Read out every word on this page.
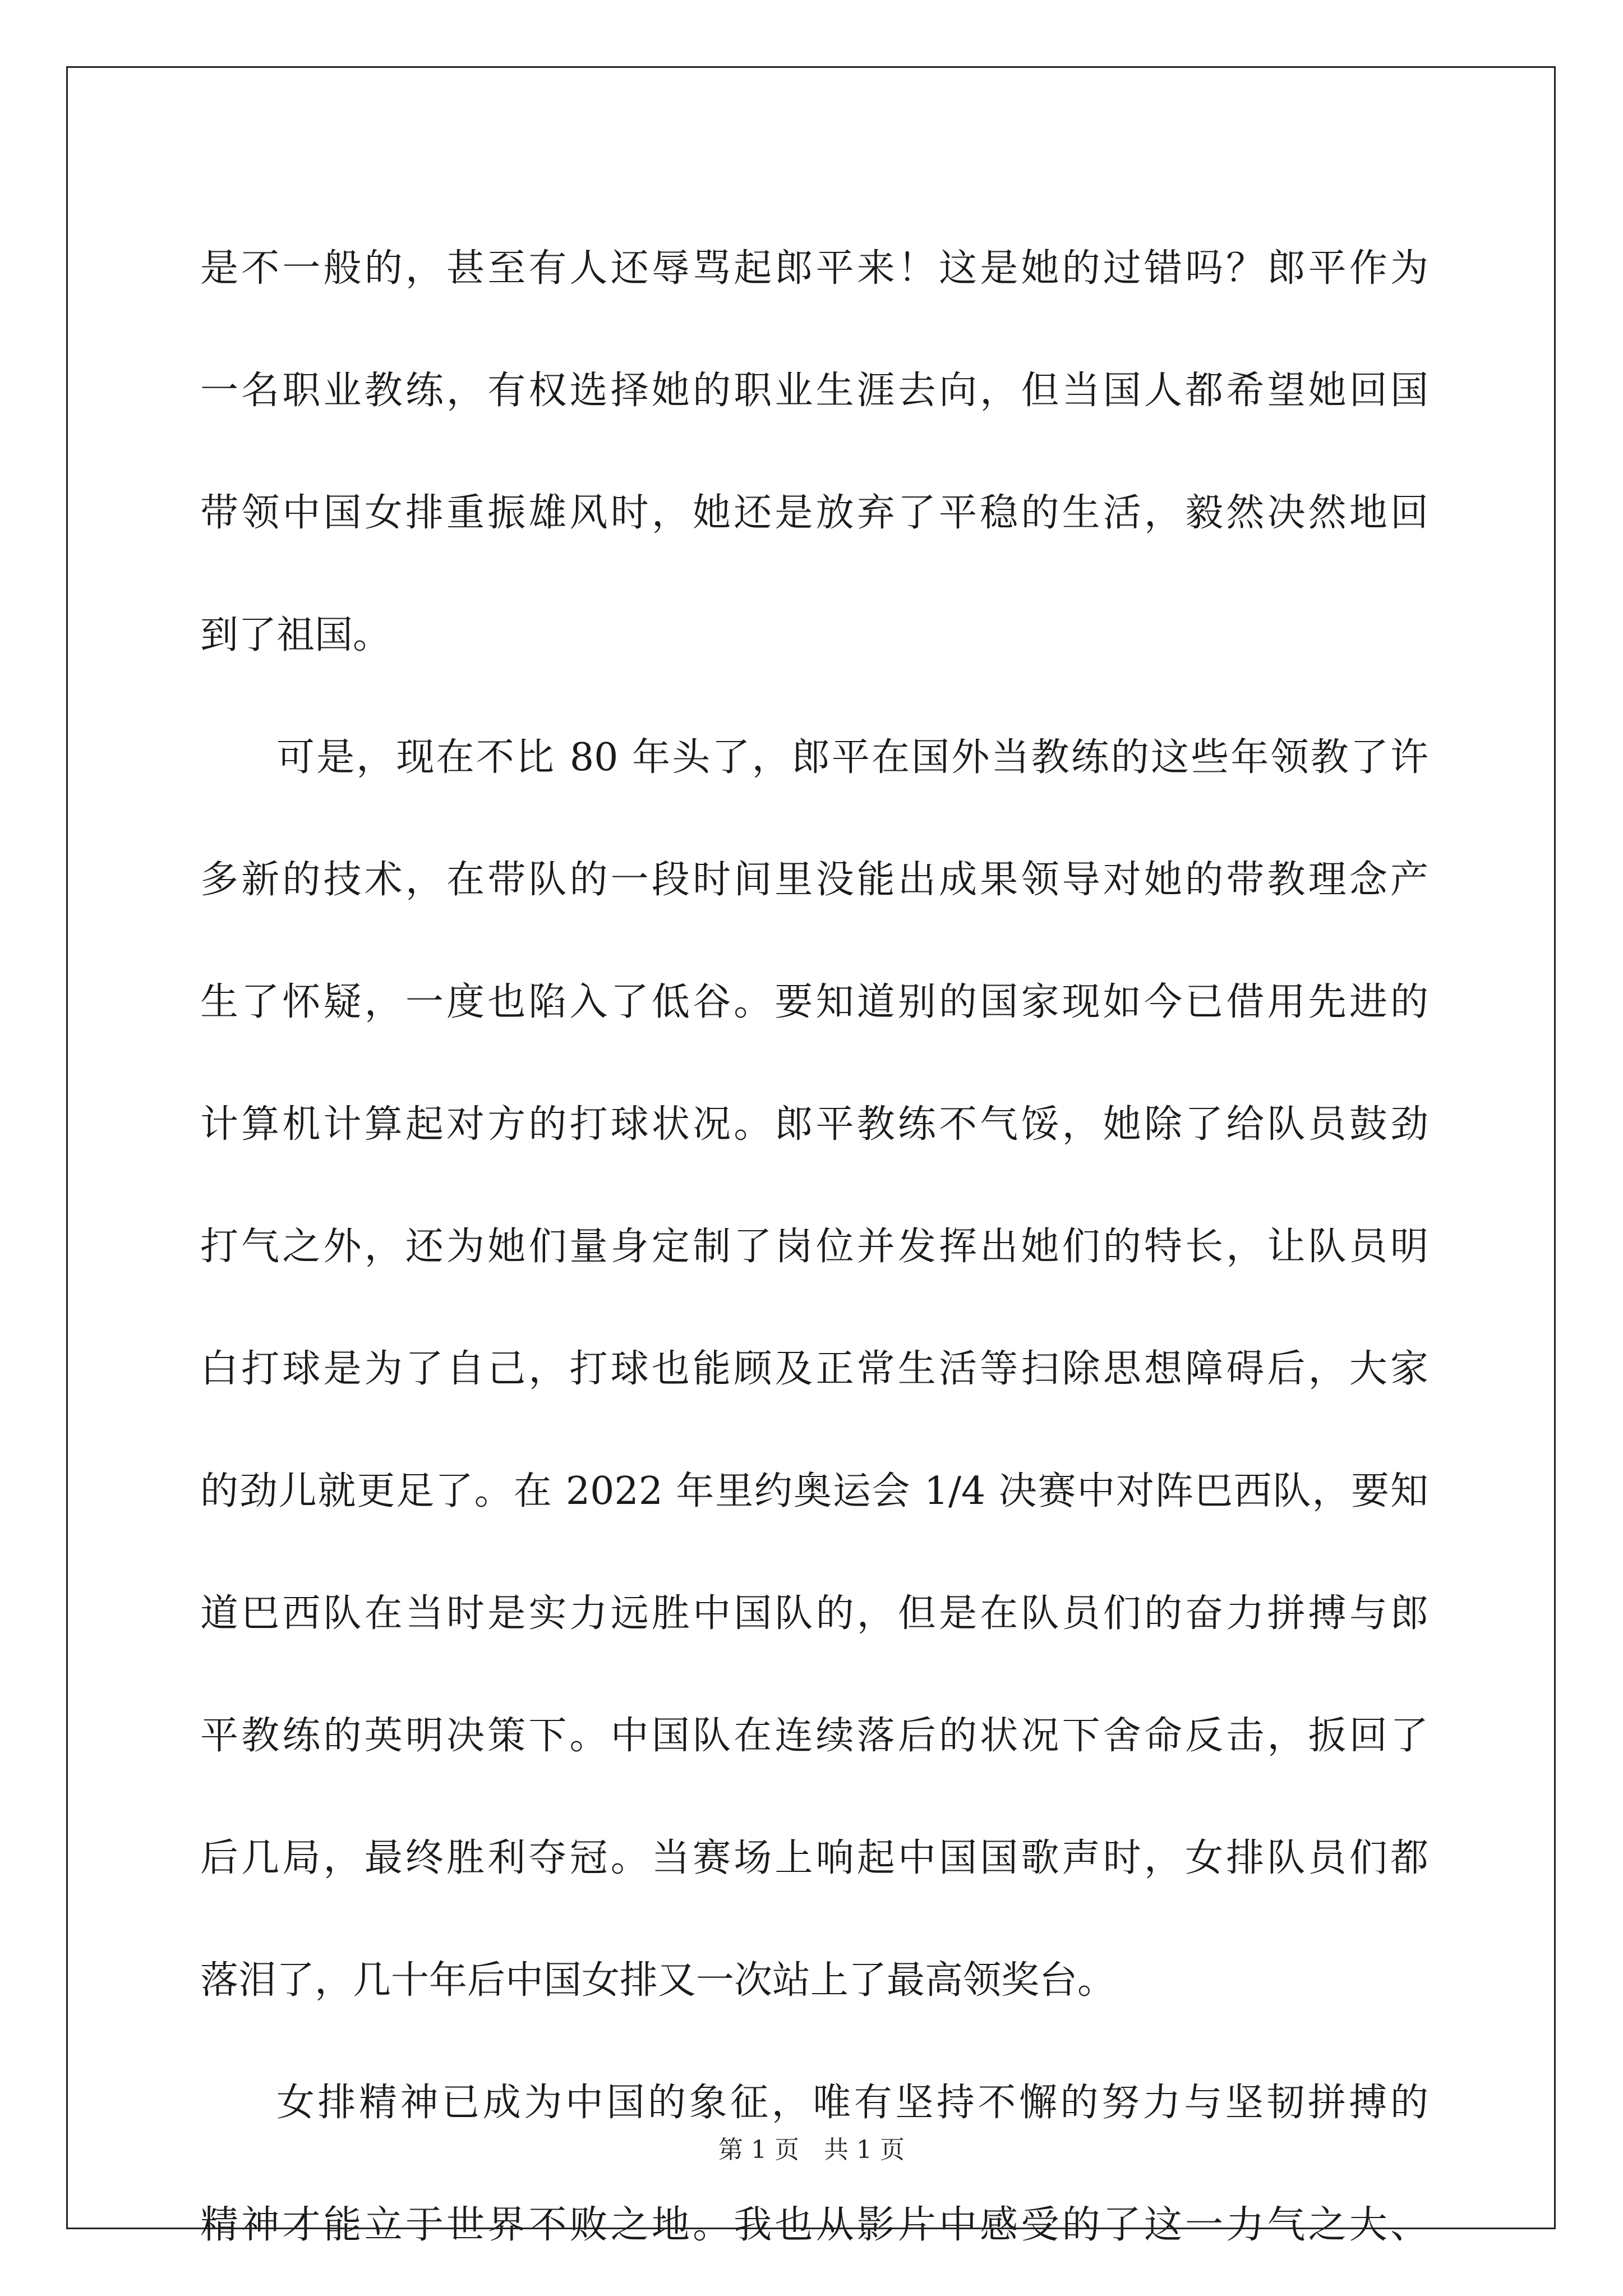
是不一般的，甚至有人还辱骂起郎平来！这是她的过错吗？郎平作为
一名职业教练，有权选择她的职业生涯去向，但当国人都希望她回国
带领中国女排重振雄风时，她还是放弃了平稳的生活，毅然决然地回
到了祖国。
可是，现在不比 80 年头了，郎平在国外当教练的这些年领教了许
多新的技术，在带队的一段时间里没能出成果领导对她的带教理念产
生了怀疑，一度也陷入了低谷。要知道别的国家现如今已借用先进的
计算机计算起对方的打球状况。郎平教练不气馁，她除了给队员鼓劲
打气之外，还为她们量身定制了岗位并发挥出她们的特长，让队员明
白打球是为了自己，打球也能顾及正常生活等扫除思想障碍后，大家
的劲儿就更足了。在 2022 年里约奥运会 1/4 决赛中对阵巴西队，要知
道巴西队在当时是实力远胜中国队的，但是在队员们的奋力拼搏与郎
平教练的英明决策下。中国队在连续落后的状况下舍命反击，扳回了
后几局，最终胜利夺冠。当赛场上响起中国国歌声时，女排队员们都
落泪了，几十年后中国女排又一次站上了最高领奖台。
女排精神已成为中国的象征，唯有坚持不懈的努力与坚韧拼搏的
精神才能立于世界不败之地。我也从影片中感受的了这一力气之大、
第 1 页　共 1 页
